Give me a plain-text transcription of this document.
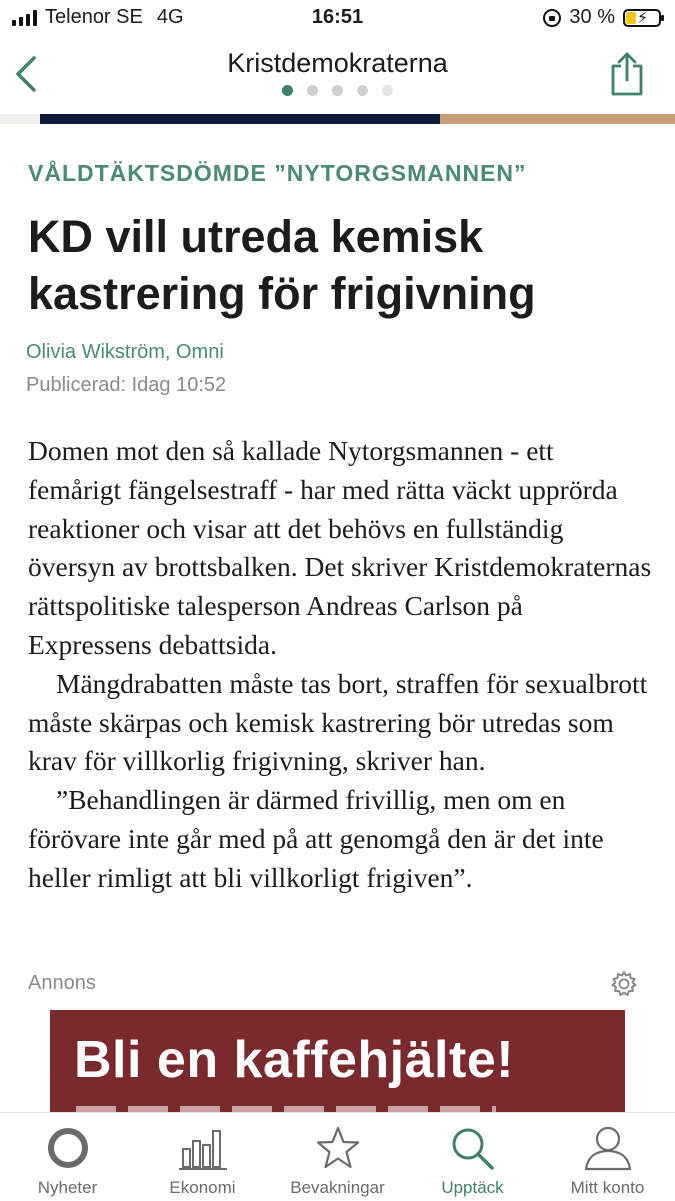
Telenor SE 4G	16:51	30 % ⚡
Kristdemokraterna
VÅLDTÄKTSDÖMDE ”NYTORGSMANNEN”
KD vill utreda kemisk kastrering för frigivning
Olivia Wikström, Omni
Publicerad: Idag 10:52

Domen mot den så kallade Nytorgsmannen - ett femårigt fängelsestraff - har med rätta väckt upprörda reaktioner och visar att det behövs en fullständig översyn av brottsbalken. Det skriver Kristdemokraternas rättspolitiske talesperson Andreas Carlson på Expressens debattsida.

Mängdrabatten måste tas bort, straffen för sexualbrott måste skärpas och kemisk kastrering bör utredas som krav för villkorlig frigivning, skriver han.

”Behandlingen är därmed frivillig, men om en förövare inte går med på att genomgå den är det inte heller rimligt att bli villkorligt frigiven”.

Annons
Bli en kaffehjälte!
Nyheter	Ekonomi	Bevakningar	Upptäck	Mitt konto
